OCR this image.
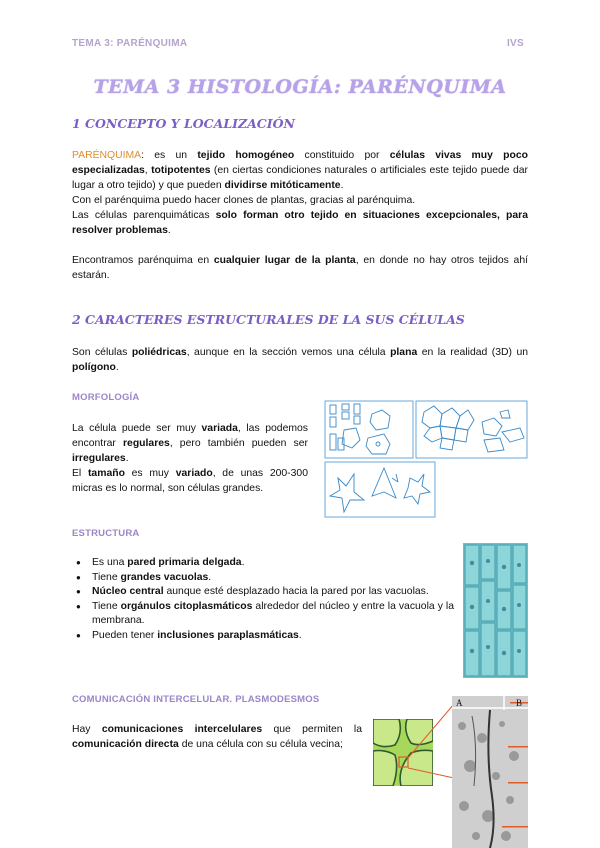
TEMA 3: PARÉNQUIMA	IVS
TEMA 3 HISTOLOGÍA: PARÉNQUIMA
1 CONCEPTO Y LOCALIZACIÓN

PARÉNQUIMA: es un tejido homogéneo constituido por células vivas muy poco especializadas, totipotentes (en ciertas condiciones naturales o artificiales este tejido puede dar lugar a otro tejido) y que pueden dividirse mitóticamente.

Con el parénquima puedo hacer clones de plantas, gracias al parénquima.

Las células parenquimáticas solo forman otro tejido en situaciones excepcionales, para resolver problemas.

Encontramos parénquima en cualquier lugar de la planta, en donde no hay otros tejidos ahí estarán.

2 CARACTERES ESTRUCTURALES DE LA SUS CÉLULAS

Son células poliédricas, aunque en la sección vemos una célula plana en la realidad (3D) un polígono.

MORFOLOGÍA

La célula puede ser muy variada, las podemos encontrar regulares, pero también pueden ser irregulares.
El tamaño es muy variado, de unas 200-300 micras es lo normal, son células grandes.

ESTRUCTURA
● Es una pared primaria delgada.
● Tiene grandes vacuolas.
● Núcleo central aunque esté desplazado hacia la pared por las vacuolas.
● Tiene orgánulos citoplasmáticos alrededor del núcleo y entre la vacuola y la membrana.
● Pueden tener inclusiones paraplasmáticas.
COMUNICACIÓN INTERCELULAR. PLASMODESMOS

Hay comunicaciones intercelulares que permiten la comunicación directa de una célula con su célula vecina;

A	B
